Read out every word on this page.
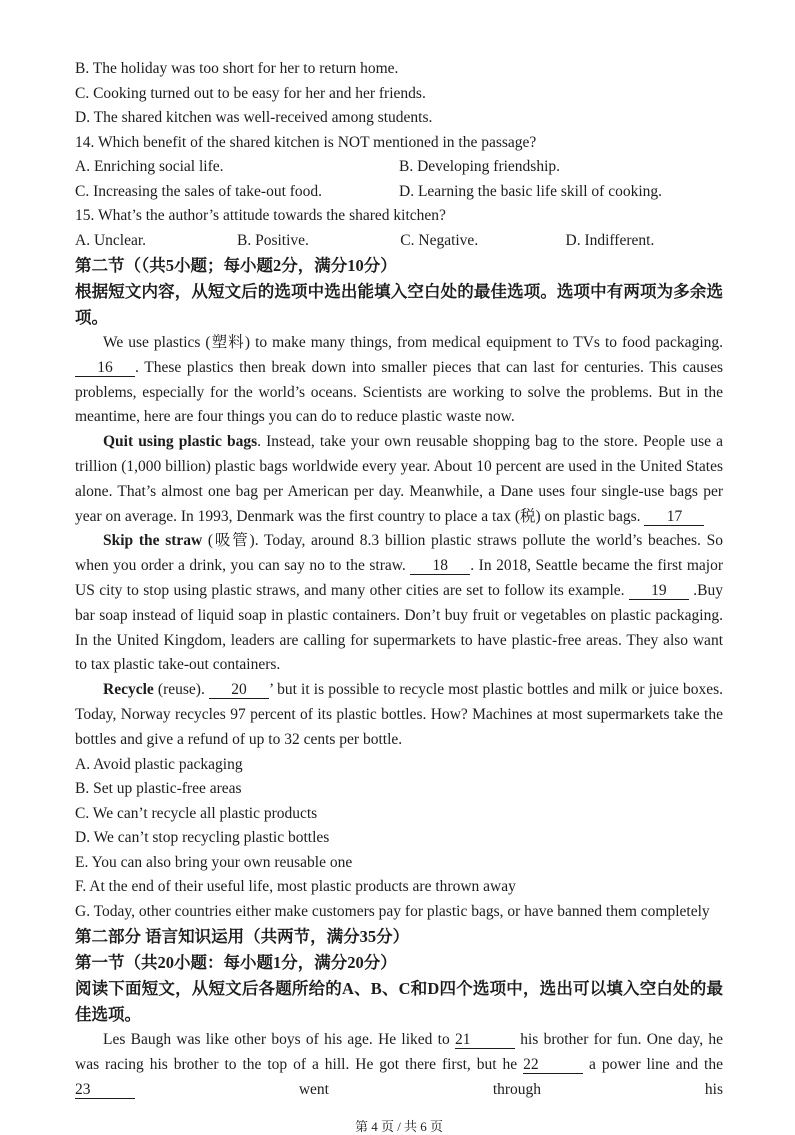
B. The holiday was too short for her to return home.
C. Cooking turned out to be easy for her and her friends.
D. The shared kitchen was well-received among students.
14. Which benefit of the shared kitchen is NOT mentioned in the passage?
A. Enriching social life.	B. Developing friendship.
C. Increasing the sales of take-out food.	D. Learning the basic life skill of cooking.
15. What’s the author’s attitude towards the shared kitchen?
A. Unclear.	B. Positive.	C. Negative.	D. Indifferent.
第二节（（共5小题；每小题2分，满分10分）
根据短文内容，从短文后的选项中选出能填入空白处的最佳选项。选项中有两项为多余选项。
We use plastics (塑料) to make many things, from medical equipment to TVs to food packaging. 16 . These plastics then break down into smaller pieces that can last for centuries. This causes problems, especially for the world’s oceans. Scientists are working to solve the problems. But in the meantime, here are four things you can do to reduce plastic waste now.
Quit using plastic bags. Instead, take your own reusable shopping bag to the store. People use a trillion (1,000 billion) plastic bags worldwide every year. About 10 percent are used in the United States alone. That’s almost one bag per American per day. Meanwhile, a Dane uses four single-use bags per year on average. In 1993, Denmark was the first country to place a tax (税) on plastic bags. 17
Skip the straw (吸管). Today, around 8.3 billion plastic straws pollute the world’s beaches. So when you order a drink, you can say no to the straw. 18 . In 2018, Seattle became the first major US city to stop using plastic straws, and many other cities are set to follow its example. 19 .Buy bar soap instead of liquid soap in plastic containers. Don’t buy fruit or vegetables on plastic packaging. In the United Kingdom, leaders are calling for supermarkets to have plastic-free areas. They also want to tax plastic take-out containers.
Recycle (reuse). 20 ’ but it is possible to recycle most plastic bottles and milk or juice boxes. Today, Norway recycles 97 percent of its plastic bottles. How? Machines at most supermarkets take the bottles and give a refund of up to 32 cents per bottle.
A. Avoid plastic packaging
B. Set up plastic-free areas
C. We can’t recycle all plastic products
D. We can’t stop recycling plastic bottles
E. You can also bring your own reusable one
F. At the end of their useful life, most plastic products are thrown away
G. Today, other countries either make customers pay for plastic bags, or have banned them completely
第二部分 语言知识运用（共两节，满分35分）
第一节（共20小题：每小题1分，满分20分）
阅读下面短文，从短文后各题所给的A、B、C和D四个选项中，选出可以填入空白处的最佳选项。
Les Baugh was like other boys of his age. He liked to 21	his brother for fun. One day, he was racing his brother to the top of a hill. He got there first, but he 22	a power line and the 23	went through his
第 4 页 / 共 6 页
